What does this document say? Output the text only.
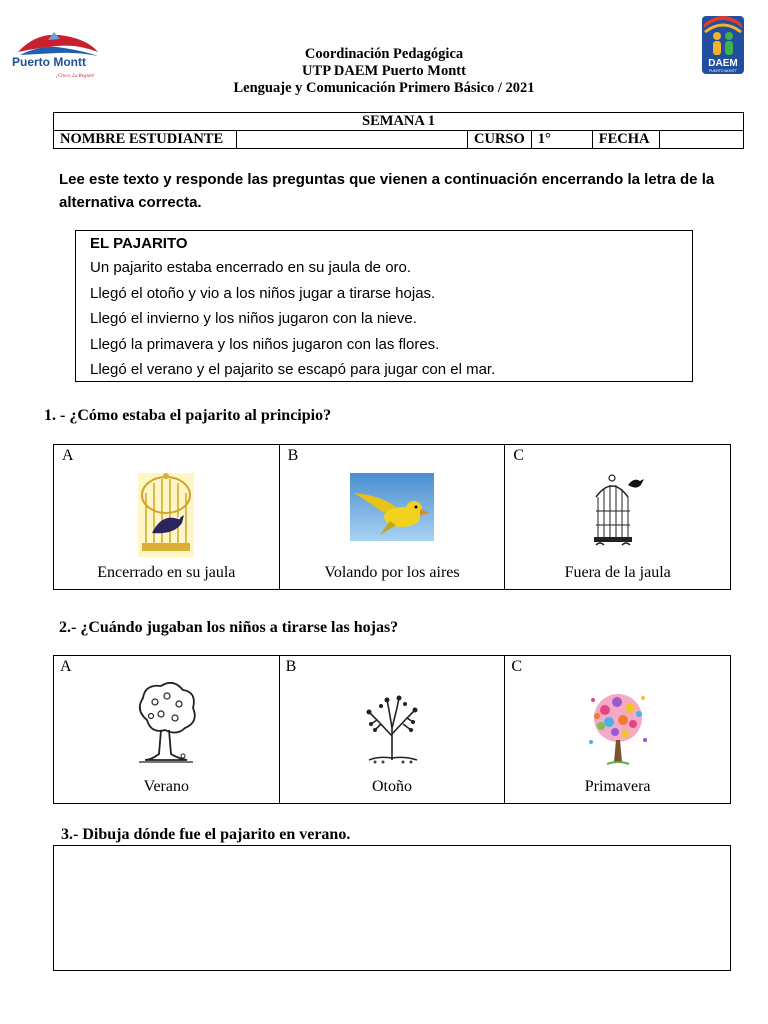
Puerto Montt
¡Crece, La Región!
DAEM
PUERTO MONTT
Coordinación Pedagógica
UTP DAEM Puerto Montt
Lenguaje y Comunicación Primero Básico / 2021
SEMANA 1
NOMBRE ESTUDIANTE		CURSO	1°	FECHA	
Lee este texto y responde las preguntas que vienen a continuación encerrando la letra de la alternativa correcta.
EL PAJARITO
Un pajarito estaba encerrado en su jaula de oro.
Llegó el otoño y vio a los niños jugar a tirarse hojas.
Llegó el invierno y los niños jugaron con la nieve.
Llegó la primavera y los niños jugaron con las flores.
Llegó el verano y el pajarito se escapó para jugar con el mar.
1. - ¿Cómo estaba el pajarito al principio?
A
Encerrado en su jaula

B
Volando por los aires

C
Fuera de la jaula
2.- ¿Cuándo jugaban los niños a tirarse las hojas?
A
Verano

B
Otoño

C
Primavera
3.- Dibuja dónde fue el pajarito en verano.
